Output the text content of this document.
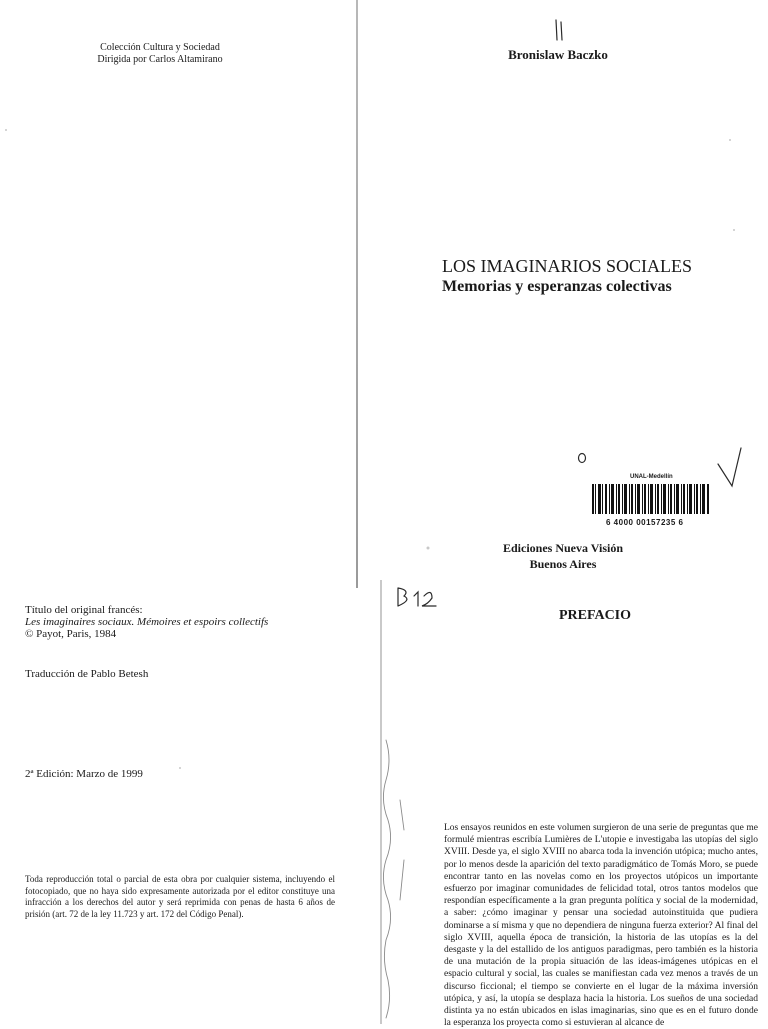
Colección Cultura y Sociedad
Dirigida por Carlos Altamirano
Título del original francés:
Les imaginaires sociaux. Mémoires et espoirs collectifs
© Payot, Paris, 1984
Traducción de Pablo Betesh
2ª Edición: Marzo de 1999
Toda reproducción total o parcial de esta obra por cualquier sistema, incluyendo el fotocopiado, que no haya sido expresamente autorizada por el editor constituye una infracción a los derechos del autor y será reprimida con penas de hasta 6 años de prisión (art. 72 de la ley 11.723 y art. 172 del Código Penal).
Bronislaw Baczko
LOS IMAGINARIOS SOCIALES
Memorias y esperanzas colectivas
UNAL-Medellín
6 4000 00157235 6
Ediciones Nueva Visión
Buenos Aires
PREFACIO
Los ensayos reunidos en este volumen surgieron de una serie de preguntas que me formulé mientras escribía Lumières de L'utopie e investigaba las utopías del siglo XVIII. Desde ya, el siglo XVIII no abarca toda la invención utópica; mucho antes, por lo menos desde la aparición del texto paradigmático de Tomás Moro, se puede encontrar tanto en las novelas como en los proyectos utópicos un importante esfuerzo por imaginar comunidades de felicidad total, otros tantos modelos que respondían específicamente a la gran pregunta política y social de la modernidad, a saber: ¿cómo imaginar y pensar una sociedad autoinstituida que pudiera dominarse a sí misma y que no dependiera de ninguna fuerza exterior? Al final del siglo XVIII, aquella época de transición, la historia de las utopías es la del desgaste y la del estallido de los antiguos paradigmas, pero también es la historia de una mutación de la propia situación de las ideas-imágenes utópicas en el espacio cultural y social, las cuales se manifiestan cada vez menos a través de un discurso ficcional; el tiempo se convierte en el lugar de la máxima inversión utópica, y así, la utopía se desplaza hacia la historia. Los sueños de una sociedad distinta ya no están ubicados en islas imaginarias, sino que es en el futuro donde la esperanza los proyecta como si estuvieran al alcance de
